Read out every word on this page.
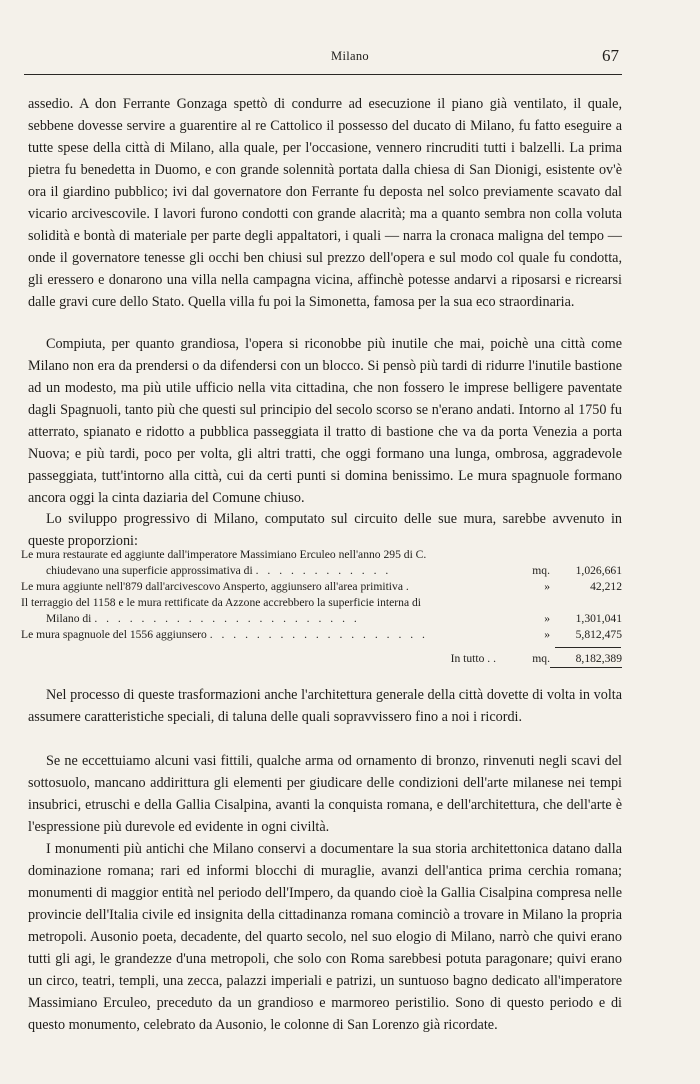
Milano	67
assedio. A don Ferrante Gonzaga spettò di condurre ad esecuzione il piano già ventilato, il quale, sebbene dovesse servire a guarentire al re Cattolico il possesso del ducato di Milano, fu fatto eseguire a tutte spese della città di Milano, alla quale, per l'occasione, vennero rincruditi tutti i balzelli. La prima pietra fu benedetta in Duomo, e con grande solennità portata dalla chiesa di San Dionigi, esistente ov'è ora il giardino pubblico; ivi dal governatore don Ferrante fu deposta nel solco previamente scavato dal vicario arcivescovile. I lavori furono condotti con grande alacrità; ma a quanto sembra non colla voluta solidità e bontà di materiale per parte degli appaltatori, i quali — narra la cronaca maligna del tempo — onde il governatore tenesse gli occhi ben chiusi sul prezzo dell'opera e sul modo col quale fu condotta, gli eressero e donarono una villa nella campagna vicina, affinchè potesse andarvi a riposarsi e ricrearsi dalle gravi cure dello Stato. Quella villa fu poi la Simonetta, famosa per la sua eco straordinaria.
Compiuta, per quanto grandiosa, l'opera si riconobbe più inutile che mai, poichè una città come Milano non era da prendersi o da difendersi con un blocco. Si pensò più tardi di ridurre l'inutile bastione ad un modesto, ma più utile ufficio nella vita cittadina, che non fossero le imprese belligere paventate dagli Spagnuoli, tanto più che questi sul principio del secolo scorso se n'erano andati. Intorno al 1750 fu atterrato, spianato e ridotto a pubblica passeggiata il tratto di bastione che va da porta Venezia a porta Nuova; e più tardi, poco per volta, gli altri tratti, che oggi formano una lunga, ombrosa, aggradevole passeggiata, tutt'intorno alla città, cui da certi punti si domina benissimo. Le mura spagnuole formano ancora oggi la cinta daziaria del Comune chiuso.
Lo sviluppo progressivo di Milano, computato sul circuito delle sue mura, sarebbe avvenuto in queste proporzioni:
Le mura restaurate ed aggiunte dall'imperatore Massimiano Erculeo nell'anno 295 di C.
chiudevano una superficie approssimativa di . . . . . . . . . . . .	mq.	1,026,661
Le mura aggiunte nell'879 dall'arcivescovo Ansperto, aggiunsero all'area primitiva .	»	42,212
Il terraggio del 1158 e le mura rettificate da Azzone accrebbero la superficie interna di
Milano di . . . . . . . . . . . . . . . . . . . . . . .	»	1,301,041
Le mura spagnuole del 1556 aggiunsero . . . . . . . . . . . . . . . . . . .	»	5,812,475
In tutto . .	mq.	8,182,389
Nel processo di queste trasformazioni anche l'architettura generale della città dovette di volta in volta assumere caratteristiche speciali, di taluna delle quali sopravvissero fino a noi i ricordi.
Se ne eccettuiamo alcuni vasi fittili, qualche arma od ornamento di bronzo, rinvenuti negli scavi del sottosuolo, mancano addirittura gli elementi per giudicare delle condizioni dell'arte milanese nei tempi insubrici, etruschi e della Gallia Cisalpina, avanti la conquista romana, e dell'architettura, che dell'arte è l'espressione più durevole ed evidente in ogni civiltà.
I monumenti più antichi che Milano conservi a documentare la sua storia architettonica datano dalla dominazione romana; rari ed informi blocchi di muraglie, avanzi dell'antica prima cerchia romana; monumenti di maggior entità nel periodo dell'Impero, da quando cioè la Gallia Cisalpina compresa nelle provincie dell'Italia civile ed insignita della cittadinanza romana cominciò a trovare in Milano la propria metropoli. Ausonio poeta, decadente, del quarto secolo, nel suo elogio di Milano, narrò che quivi erano tutti gli agi, le grandezze d'una metropoli, che solo con Roma sarebbesi potuta paragonare; quivi erano un circo, teatri, templi, una zecca, palazzi imperiali e patrizi, un suntuoso bagno dedicato all'imperatore Massimiano Erculeo, preceduto da un grandioso e marmoreo peristilio. Sono di questo periodo e di questo monumento, celebrato da Ausonio, le colonne di San Lorenzo già ricordate.
